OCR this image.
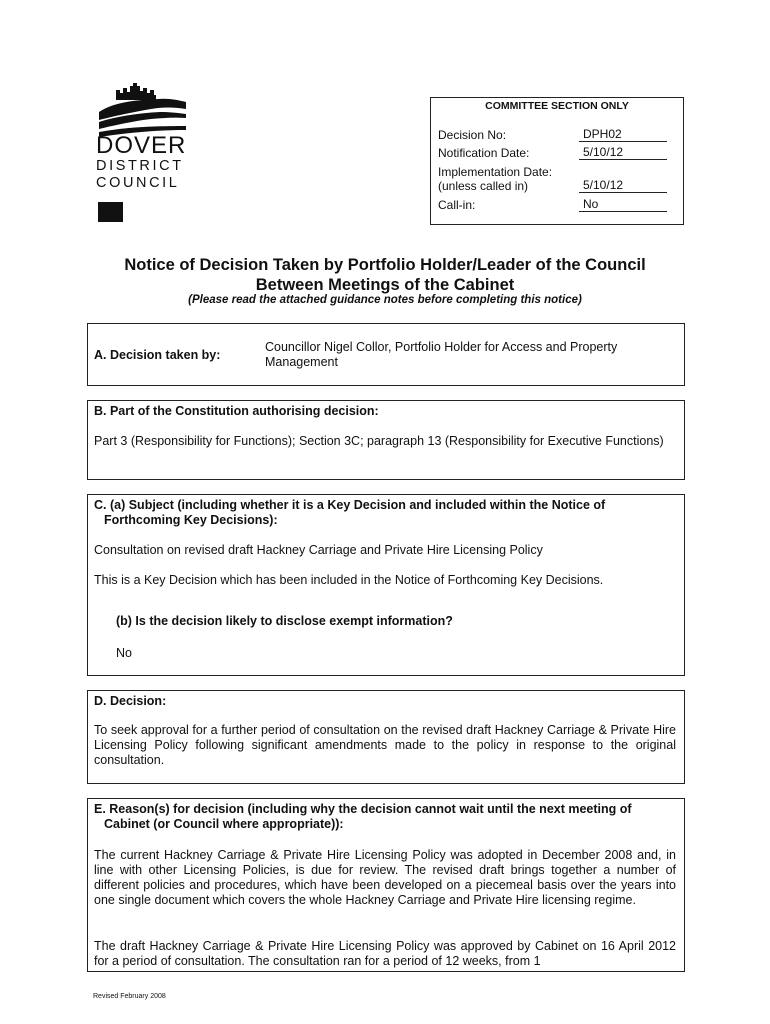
DOVER
DISTRICT
COUNCIL
COMMITTEE SECTION ONLY
Decision No:	DPH02
Notification Date:	5/10/12
Implementation Date:
(unless called in)	5/10/12
Call-in:	No
Notice of Decision Taken by Portfolio Holder/Leader of the Council
Between Meetings of the Cabinet
(Please read the attached guidance notes before completing this notice)
A. Decision taken by:
Councillor Nigel Collor, Portfolio Holder for Access and Property Management
B. Part of the Constitution authorising decision:
Part 3 (Responsibility for Functions); Section 3C; paragraph 13 (Responsibility for Executive Functions)
C. (a) Subject (including whether it is a Key Decision and included within the Notice of Forthcoming Key Decisions):
Consultation on revised draft Hackney Carriage and Private Hire Licensing Policy
This is a Key Decision which has been included in the Notice of Forthcoming Key Decisions.
(b) Is the decision likely to disclose exempt information?
No
D. Decision:
To seek approval for a further period of consultation on the revised draft Hackney Carriage & Private Hire Licensing Policy following significant amendments made to the policy in response to the original consultation.
E. Reason(s) for decision (including why the decision cannot wait until the next meeting of Cabinet (or Council where appropriate)):
The current Hackney Carriage & Private Hire Licensing Policy was adopted in December 2008 and, in line with other Licensing Policies, is due for review. The revised draft brings together a number of different policies and procedures, which have been developed on a piecemeal basis over the years into one single document which covers the whole Hackney Carriage and Private Hire licensing regime.
The draft Hackney Carriage & Private Hire Licensing Policy was approved by Cabinet on 16 April 2012 for a period of consultation. The consultation ran for a period of 12 weeks, from 1
Revised February 2008
